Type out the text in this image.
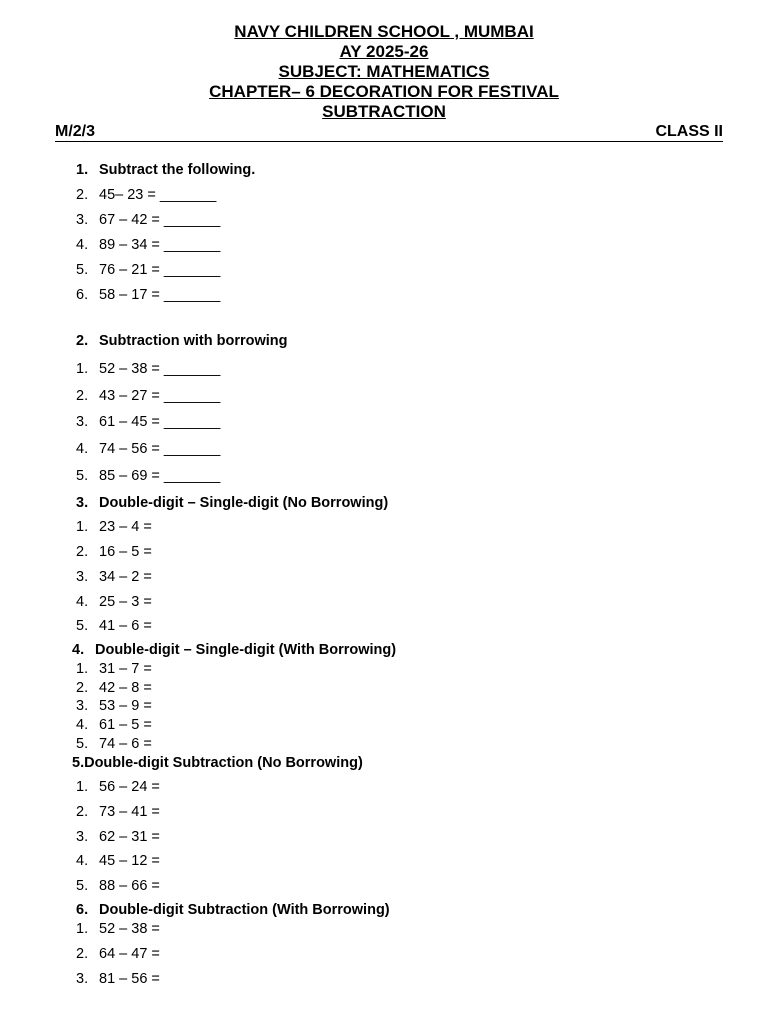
NAVY CHILDREN SCHOOL , MUMBAI
AY 2025-26
SUBJECT: MATHEMATICS
CHAPTER– 6 DECORATION FOR FESTIVAL
SUBTRACTION
M/2/3	CLASS II
1. Subtract the following.
2. 45– 23 = _______
3. 67 – 42 = _______
4. 89 – 34 = _______
5. 76 – 21 = _______
6. 58 – 17 = _______
2. Subtraction with borrowing
1. 52 – 38 = _______
2. 43 – 27 = _______
3. 61 – 45 = _______
4. 74 – 56 = _______
5. 85 – 69 = _______
3. Double-digit – Single-digit (No Borrowing)
1. 23 – 4 =
2. 16 – 5 =
3. 34 – 2 =
4. 25 – 3 =
5. 41 – 6 =
4. Double-digit – Single-digit (With Borrowing)
1. 31 – 7 =
2. 42 – 8 =
3. 53 – 9 =
4. 61 – 5 =
5. 74 – 6 =
5.Double-digit Subtraction (No Borrowing)
1. 56 – 24 =
2. 73 – 41 =
3. 62 – 31 =
4. 45 – 12 =
5. 88 – 66 =
6. Double-digit Subtraction (With Borrowing)
1. 52 – 38 =
2. 64 – 47 =
3. 81 – 56 =
